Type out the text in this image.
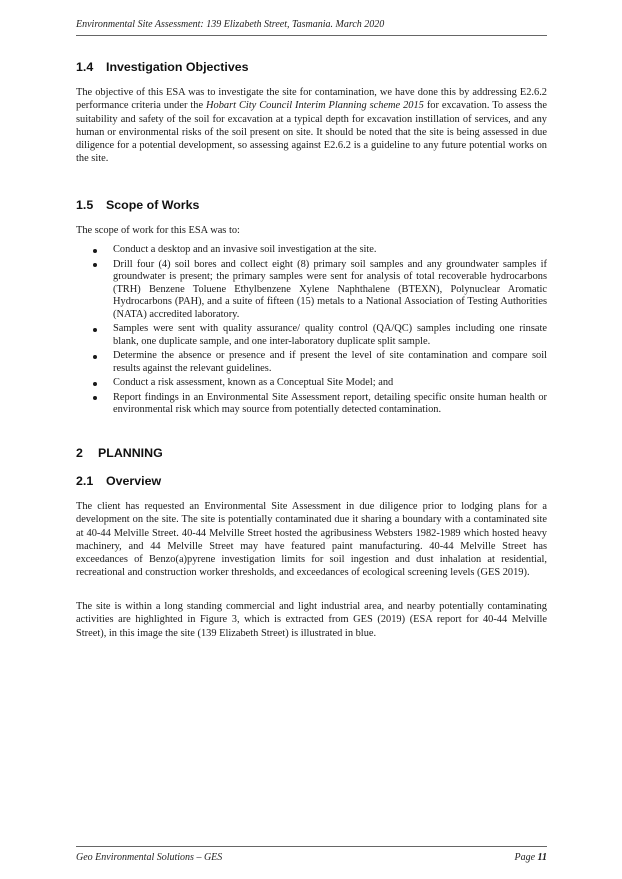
Environmental Site Assessment: 139 Elizabeth Street, Tasmania. March 2020
1.4 Investigation Objectives

The objective of this ESA was to investigate the site for contamination, we have done this by addressing E2.6.2 performance criteria under the Hobart City Council Interim Planning scheme 2015 for excavation. To assess the suitability and safety of the soil for excavation at a typical depth for excavation instillation of services, and any human or environmental risks of the soil present on site. It should be noted that the site is being assessed in due diligence for a potential development, so assessing against E2.6.2 is a guideline to any future potential works on the site.

1.5 Scope of Works

The scope of work for this ESA was to:

Conduct a desktop and an invasive soil investigation at the site.
Drill four (4) soil bores and collect eight (8) primary soil samples and any groundwater samples if groundwater is present; the primary samples were sent for analysis of total recoverable hydrocarbons (TRH) Benzene Toluene Ethylbenzene Xylene Naphthalene (BTEXN), Polynuclear Aromatic Hydrocarbons (PAH), and a suite of fifteen (15) metals to a National Association of Testing Authorities (NATA) accredited laboratory.
Samples were sent with quality assurance/ quality control (QA/QC) samples including one rinsate blank, one duplicate sample, and one inter-laboratory duplicate split sample.
Determine the absence or presence and if present the level of site contamination and compare soil results against the relevant guidelines.
Conduct a risk assessment, known as a Conceptual Site Model; and
Report findings in an Environmental Site Assessment report, detailing specific onsite human health or environmental risk which may source from potentially detected contamination.
2 PLANNING
2.1 Overview

The client has requested an Environmental Site Assessment in due diligence prior to lodging plans for a development on the site. The site is potentially contaminated due it sharing a boundary with a contaminated site at 40-44 Melville Street. 40-44 Melville Street hosted the agribusiness Websters 1982-1989 which hosted heavy machinery, and 44 Melville Street may have featured paint manufacturing. 40-44 Melville Street has exceedances of Benzo(a)pyrene investigation limits for soil ingestion and dust inhalation at residential, recreational and construction worker thresholds, and exceedances of ecological screening levels (GES 2019).

The site is within a long standing commercial and light industrial area, and nearby potentially contaminating activities are highlighted in Figure 3, which is extracted from GES (2019) (ESA report for 40-44 Melville Street), in this image the site (139 Elizabeth Street) is illustrated in blue.

Geo Environmental Solutions – GES	Page 11
